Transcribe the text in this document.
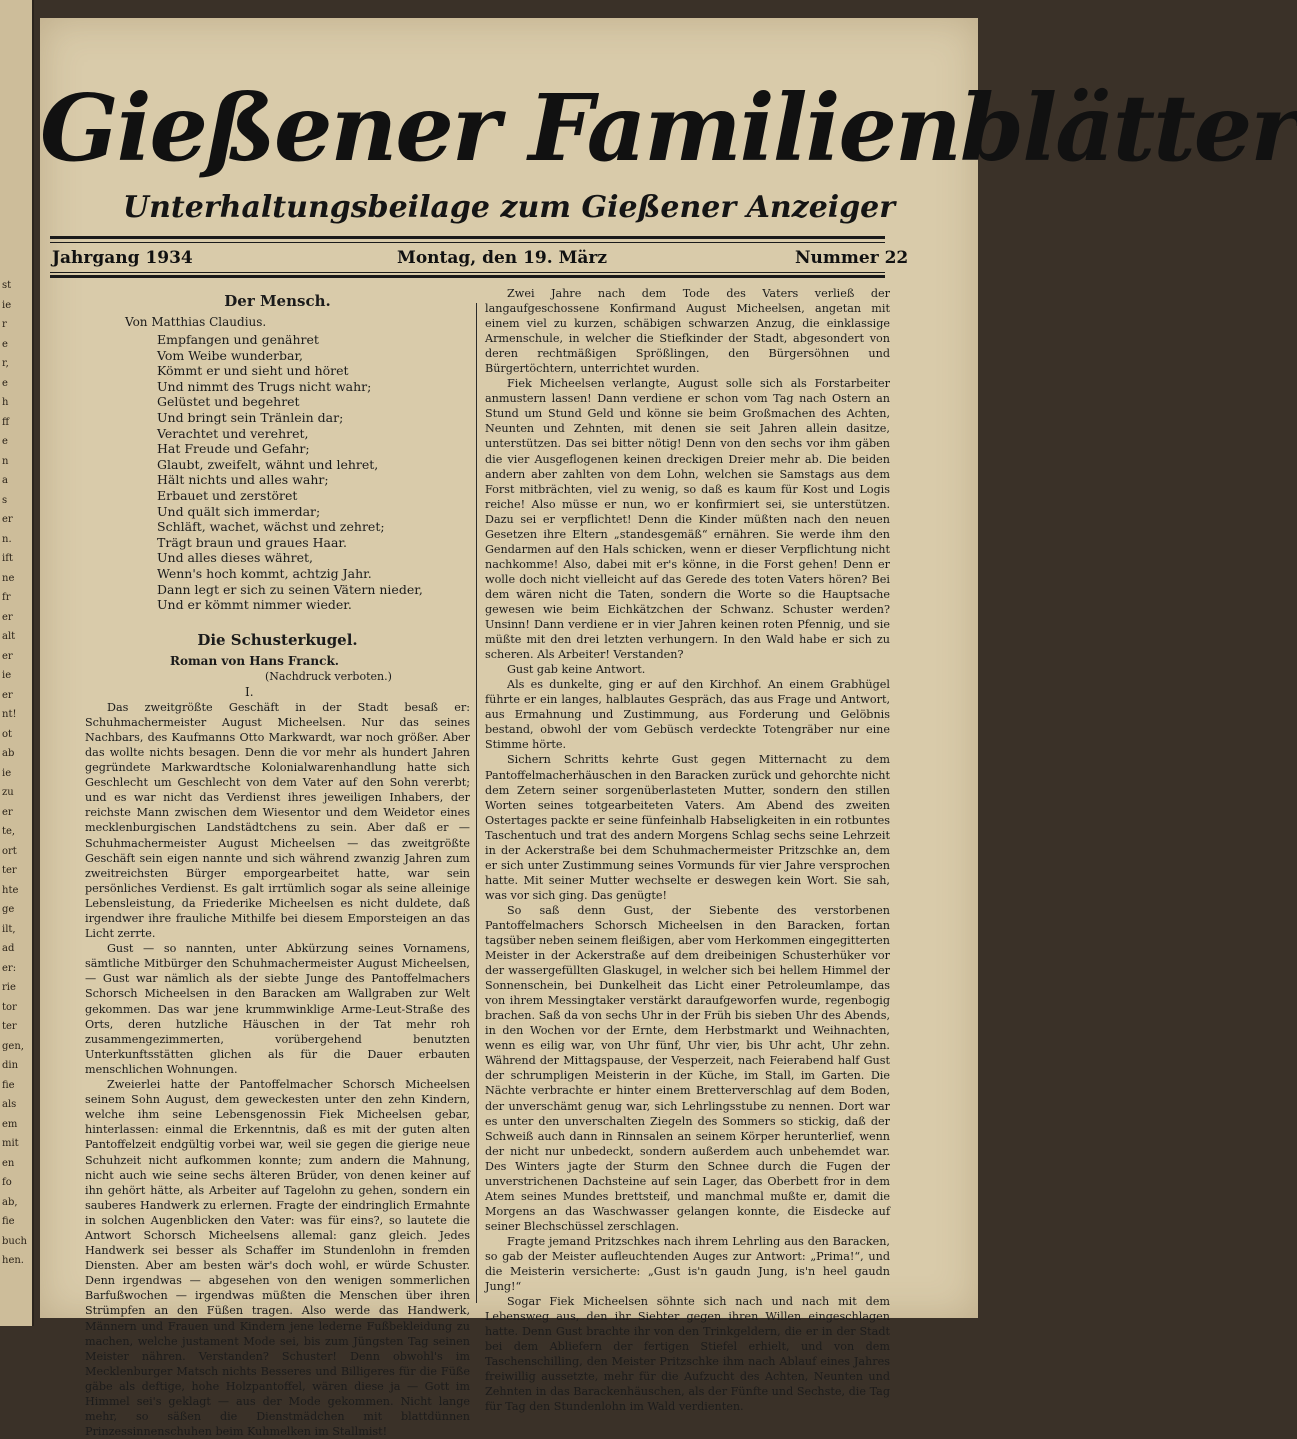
st
ie
r
e
r,
e
h
ff
e
n
a
s
er
n.
ift
ne
fr
er
alt
er
ie
er
nt!
ot
ab
ie
zu
er
te,
ort
ter
hte
ge
ilt,
ad
er:
rie
tor
ter
gen,
din
fie
als
em
mit
en
fo
ab,
fie
buch
hen.
Gießener Familienblätter
Unterhaltungsbeilage zum Gießener Anzeiger
Jahrgang 1934	Montag, den 19. März	Nummer 22
Der Mensch.
Von Matthias Claudius.
Empfangen und genähret
Vom Weibe wunderbar,
Kömmt er und sieht und höret
Und nimmt des Trugs nicht wahr;
Gelüstet und begehret
Und bringt sein Tränlein dar;
Verachtet und verehret,
Hat Freude und Gefahr;
Glaubt, zweifelt, wähnt und lehret,
Hält nichts und alles wahr;
Erbauet und zerstöret
Und quält sich immerdar;
Schläft, wachet, wächst und zehret;
Trägt braun und graues Haar.
Und alles dieses währet,
Wenn's hoch kommt, achtzig Jahr.
Dann legt er sich zu seinen Vätern nieder,
Und er kömmt nimmer wieder.
Die Schusterkugel.
Roman von Hans Franck.
(Nachdruck verboten.)
I.

Das zweitgrößte Geschäft in der Stadt besaß er: Schuhmachermeister August Micheelsen. Nur das seines Nachbars, des Kaufmanns Otto Markwardt, war noch größer. Aber das wollte nichts besagen. Denn die vor mehr als hundert Jahren gegründete Markwardtsche Kolonialwarenhandlung hatte sich Geschlecht um Geschlecht von dem Vater auf den Sohn vererbt; und es war nicht das Verdienst ihres jeweiligen Inhabers, der reichste Mann zwischen dem Wiesentor und dem Weidetor eines mecklenburgischen Landstädtchens zu sein. Aber daß er — Schuhmachermeister August Micheelsen — das zweitgrößte Geschäft sein eigen nannte und sich während zwanzig Jahren zum zweitreichsten Bürger emporgearbeitet hatte, war sein persönliches Verdienst. Es galt irrtümlich sogar als seine alleinige Lebensleistung, da Friederike Micheelsen es nicht duldete, daß irgendwer ihre frauliche Mithilfe bei diesem Emporsteigen an das Licht zerrte.

Gust — so nannten, unter Abkürzung seines Vornamens, sämtliche Mitbürger den Schuhmachermeister August Micheelsen, — Gust war nämlich als der siebte Junge des Pantoffelmachers Schorsch Micheelsen in den Baracken am Wallgraben zur Welt gekommen. Das war jene krummwinklige Arme-Leut-Straße des Orts, deren hutzliche Häuschen in der Tat mehr roh zusammengezimmerten, vorübergehend benutzten Unterkunftsstätten glichen als für die Dauer erbauten menschlichen Wohnungen.

Zweierlei hatte der Pantoffelmacher Schorsch Micheelsen seinem Sohn August, dem geweckesten unter den zehn Kindern, welche ihm seine Lebensgenossin Fiek Micheelsen gebar, hinterlassen: einmal die Erkenntnis, daß es mit der guten alten Pantoffelzeit endgültig vorbei war, weil sie gegen die gierige neue Schuhzeit nicht aufkommen konnte; zum andern die Mahnung, nicht auch wie seine sechs älteren Brüder, von denen keiner auf ihn gehört hätte, als Arbeiter auf Tagelohn zu gehen, sondern ein sauberes Handwerk zu erlernen. Fragte der eindringlich Ermahnte in solchen Augenblicken den Vater: was für eins?, so lautete die Antwort Schorsch Micheelsens allemal: ganz gleich. Jedes Handwerk sei besser als Schaffer im Stundenlohn in fremden Diensten. Aber am besten wär's doch wohl, er würde Schuster. Denn irgendwas — abgesehen von den wenigen sommerlichen Barfußwochen — irgendwas müßten die Menschen über ihren Strümpfen an den Füßen tragen. Also werde das Handwerk, Männern und Frauen und Kindern jene lederne Fußbekleidung zu machen, welche justament Mode sei, bis zum Jüngsten Tag seinen Meister nähren. Verstanden? Schuster! Denn obwohl's im Mecklenburger Matsch nichts Besseres und Billigeres für die Füße gäbe als deftige, hohe Holzpantoffel, wären diese ja — Gott im Himmel sei's geklagt — aus der Mode gekommen. Nicht lange mehr, so säßen die Dienstmädchen mit blattdünnen Prinzessinnenschuhen beim Kuhmelken im Stallmist!

Zwei Jahre nach dem Tode des Vaters verließ der langaufgeschossene Konfirmand August Micheelsen, angetan mit einem viel zu kurzen, schäbigen schwarzen Anzug, die einklassige Armenschule, in welcher die Stiefkinder der Stadt, abgesondert von deren rechtmäßigen Sprößlingen, den Bürgersöhnen und Bürgertöchtern, unterrichtet wurden.

Fiek Micheelsen verlangte, August solle sich als Forstarbeiter anmustern lassen! Dann verdiene er schon vom Tag nach Ostern an Stund um Stund Geld und könne sie beim Großmachen des Achten, Neunten und Zehnten, mit denen sie seit Jahren allein dasitze, unterstützen. Das sei bitter nötig! Denn von den sechs vor ihm gäben die vier Ausgeflogenen keinen dreckigen Dreier mehr ab. Die beiden andern aber zahlten von dem Lohn, welchen sie Samstags aus dem Forst mitbrächten, viel zu wenig, so daß es kaum für Kost und Logis reiche! Also müsse er nun, wo er konfirmiert sei, sie unterstützen. Dazu sei er verpflichtet! Denn die Kinder müßten nach den neuen Gesetzen ihre Eltern „standesgemäß“ ernähren. Sie werde ihm den Gendarmen auf den Hals schicken, wenn er dieser Verpflichtung nicht nachkomme! Also, dabei mit er's könne, in die Forst gehen! Denn er wolle doch nicht vielleicht auf das Gerede des toten Vaters hören? Bei dem wären nicht die Taten, sondern die Worte so die Hauptsache gewesen wie beim Eichkätzchen der Schwanz. Schuster werden? Unsinn! Dann verdiene er in vier Jahren keinen roten Pfennig, und sie müßte mit den drei letzten verhungern. In den Wald habe er sich zu scheren. Als Arbeiter! Verstanden?

Gust gab keine Antwort.

Als es dunkelte, ging er auf den Kirchhof. An einem Grabhügel führte er ein langes, halblautes Gespräch, das aus Frage und Antwort, aus Ermahnung und Zustimmung, aus Forderung und Gelöbnis bestand, obwohl der vom Gebüsch verdeckte Totengräber nur eine Stimme hörte.

Sichern Schritts kehrte Gust gegen Mitternacht zu dem Pantoffelmacherhäuschen in den Baracken zurück und gehorchte nicht dem Zetern seiner sorgenüberlasteten Mutter, sondern den stillen Worten seines totgearbeiteten Vaters. Am Abend des zweiten Ostertages packte er seine fünfeinhalb Habseligkeiten in ein rotbuntes Taschentuch und trat des andern Morgens Schlag sechs seine Lehrzeit in der Ackerstraße bei dem Schuhmachermeister Pritzschke an, dem er sich unter Zustimmung seines Vormunds für vier Jahre versprochen hatte. Mit seiner Mutter wechselte er deswegen kein Wort. Sie sah, was vor sich ging. Das genügte!

So saß denn Gust, der Siebente des verstorbenen Pantoffelmachers Schorsch Micheelsen in den Baracken, fortan tagsüber neben seinem fleißigen, aber vom Herkommen eingegitterten Meister in der Ackerstraße auf dem dreibeinigen Schusterhüker vor der wassergefüllten Glaskugel, in welcher sich bei hellem Himmel der Sonnenschein, bei Dunkelheit das Licht einer Petroleumlampe, das von ihrem Messingtaker verstärkt daraufgeworfen wurde, regenbogig brachen. Saß da von sechs Uhr in der Früh bis sieben Uhr des Abends, in den Wochen vor der Ernte, dem Herbstmarkt und Weihnachten, wenn es eilig war, von Uhr fünf, Uhr vier, bis Uhr acht, Uhr zehn. Während der Mittagspause, der Vesperzeit, nach Feierabend half Gust der schrumpligen Meisterin in der Küche, im Stall, im Garten. Die Nächte verbrachte er hinter einem Bretterverschlag auf dem Boden, der unverschämt genug war, sich Lehrlingsstube zu nennen. Dort war es unter den unverschalten Ziegeln des Sommers so stickig, daß der Schweiß auch dann in Rinnsalen an seinem Körper herunterlief, wenn der nicht nur unbedeckt, sondern außerdem auch unbehemdet war. Des Winters jagte der Sturm den Schnee durch die Fugen der unverstrichenen Dachsteine auf sein Lager, das Oberbett fror in dem Atem seines Mundes brettsteif, und manchmal mußte er, damit die Morgens an das Waschwasser gelangen konnte, die Eisdecke auf seiner Blechschüssel zerschlagen.

Fragte jemand Pritzschkes nach ihrem Lehrling aus den Baracken, so gab der Meister aufleuchtenden Auges zur Antwort: „Prima!“, und die Meisterin versicherte: „Gust is'n gaudn Jung, is'n heel gaudn Jung!“

Sogar Fiek Micheelsen söhnte sich nach und nach mit dem Lebensweg aus, den ihr Siebter gegen ihren Willen eingeschlagen hatte. Denn Gust brachte ihr von den Trinkgeldern, die er in der Stadt bei dem Abliefern der fertigen Stiefel erhielt, und von dem Taschenschilling, den Meister Pritzschke ihm nach Ablauf eines Jahres freiwillig aussetzte, mehr für die Aufzucht des Achten, Neunten und Zehnten in das Barackenhäuschen, als der Fünfte und Sechste, die Tag für Tag den Stundenlohn im Wald verdienten.
